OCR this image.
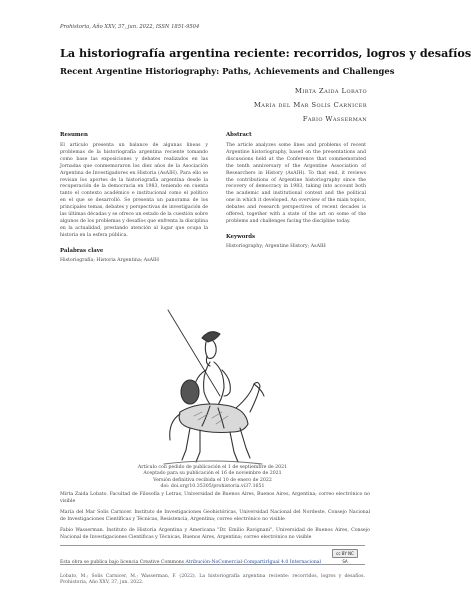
Prohistoria, Año XXV, 37, jun. 2022, ISSN 1851-9504
La historiografía argentina reciente: recorridos, logros y desafíos
Recent Argentine Historiography: Paths, Achievements and Challenges
Mirta Zaida Lobato
María del Mar Solís Carnicer
Fabio Wasserman
Resumen

El artículo presenta un balance de algunas líneas y problemas de la historiografía argentina reciente tomando como base las exposiciones y debates realizados en las Jornadas que conmemoraron los diez años de la Asociación Argentina de Investigadores en Historia (AsAIH). Para ello se revisan los aportes de la historiografía argentina desde la recuperación de la democracia en 1983, teniendo en cuenta tanto el contexto académico e institucional como el político en el que se desarrolló. Se presenta un panorama de los principales temas, debates y perspectivas de investigación de las últimas décadas y se ofrece un estado de la cuestión sobre algunos de los problemas y desafíos que enfrenta la disciplina en la actualidad, prestando atención al lugar que ocupa la historia en la esfera pública.

Palabras clave
Historiografía; Historia Argentina; AsAIH
Abstract

The article analyzes some lines and problems of recent Argentine historiography, based on the presentations and discussions held at the Conference that commemorated the tenth anniversary of the Argentine Association of Researchers in History (AsAIH). To that end, it reviews the contributions of Argentine historiography since the recovery of democracy in 1983, taking into account both the academic and institutional context and the political one in which it developed. An overview of the main topics, debates and research perspectives of recent decades is offered, together with a state of the art on some of the problems and challenges facing the discipline today.

Keywords
Historiography; Argentine History; AsAIH
Artículo con pedido de publicación el 1 de septiembre de 2021
Aceptado para su publicación el 16 de noviembre de 2021
Versión definitiva recibida el 10 de enero de 2022
doi: doi.org/10.35305/prohistoria.vi37.1651

Mirta Zaida Lobato. Facultad de Filosofía y Letras, Universidad de Buenos Aires, Buenos Aires, Argentina; correo electrónico no visible

María del Mar Solís Carnicer. Instituto de Investigaciones Geohistóricas, Universidad Nacional del Nordeste, Consejo Nacional de Investigaciones Científicas y Técnicas, Resistencia, Argentina; correo electrónico no visible

Fabio Wasserman. Instituto de Historia Argentina y Americana "Dr. Emilio Ravignani", Universidad de Buenos Aires, Consejo Nacional de Investigaciones Científicas y Técnicas, Buenos Aires, Argentina; correo electrónico no visible

cc BY NC SA
Esta obra se publica bajo licencia Creative Commons Atribución-NoComercial-CompartirIgual 4.0 Internacional

Lobato, M.; Solís Carnicer, M.; Wasserman, F. (2022). La historiografía argentina reciente: recorridos, logros y desafíos. Prohistoria, Año XXV, 37, jun. 2022.
